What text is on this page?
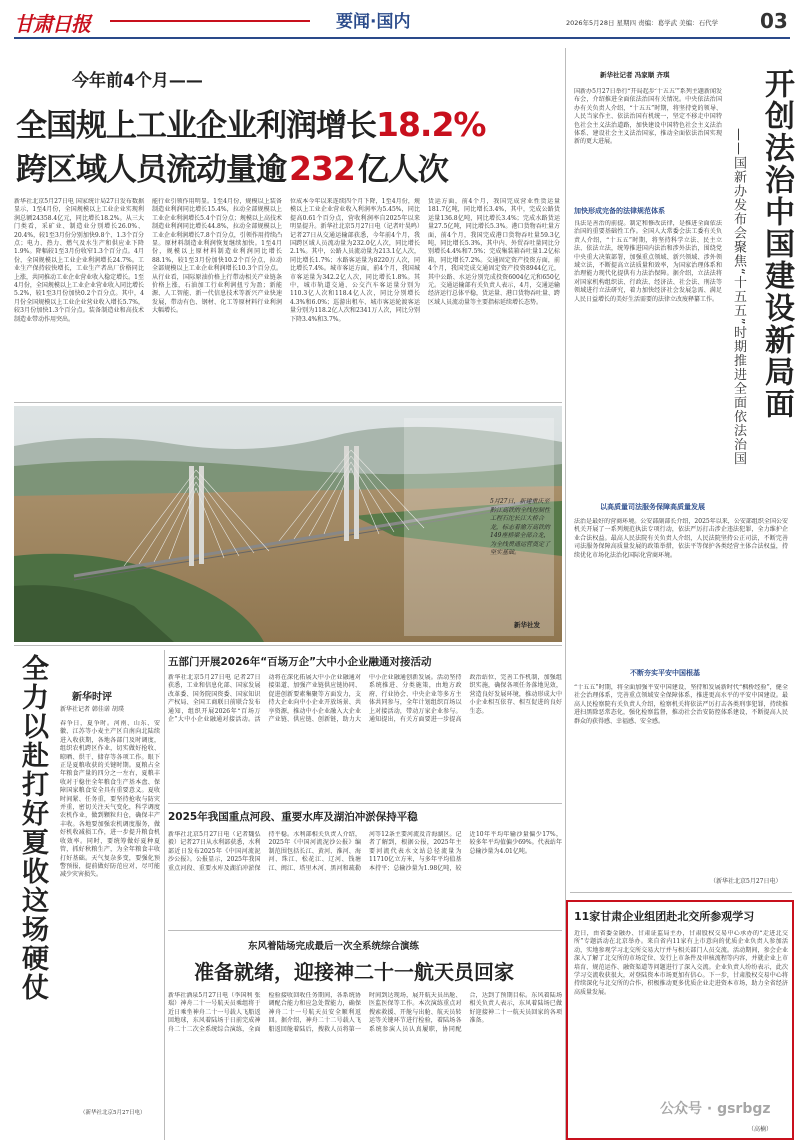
甘肃日报	要闻·国内	2026年5月28日 星期四 责编：葛学武 美编：石代学 03
今年前4个月——
全国规上工业企业利润增长18.2%
跨区域人员流动量逾232亿人次
新华社北京5月27日电 国家统计局27日发布数据显示，1至4月份，全国规模以上工业企业实现利润总额24358.4亿元，同比增长18.2%。从三大门类看，采矿业、制造业分别增长26.0%、20.4%，较1至3月份分别加快9.8个、1.3个百分点；电力、热力、燃气及水生产和供应业下降1.9%。降幅较1至3月份收窄1.3个百分点。4月份，全国规模以上工业企业利润增长24.7%。工业生产保持较快增长，工业生产者出厂价格同比上涨，共同推动工业企业营业收入稳定增长。1至4月份，全国规模以上工业企业营业收入同比增长5.2%，较1至3月份加快0.2个百分点。其中，4月份全国规模以上工业企业营业收入增长5.7%，较3月份加快1.3个百分点。装备制造业和高技术制造业带动作用突出。
能行业引领作用明显。1至4月份，规模以上装备制造业利润同比增长15.4%，拉动全部规模以上工业企业利润增长5.4个百分点；规模以上高技术制造业利润同比增长44.8%，拉动全部规模以上工业企业利润增长7.8个百分点，引领作用持续凸显。原材料制造业利润恢复继续加快。1至4月份，规模以上原材料制造业利润同比增长88.1%，较1至3月份加快10.2个百分点，拉动全部规模以上工业企业利润增长10.3个百分点。从行业看，国际原油价格上行带动相关产业链条价格上涨，石油加工行业利润扭亏为盈；新能源、人工智能、新一代信息技术等新兴产业快速发展，带动有色、钢材、化工等原材料行业利润大幅增长。
位成本今年以来连续四个月下降，1至4月份，规模以上工业企业营业收入利润率为5.45%，同比提高0.61个百分点，营收利润率自2025年以来明显提升。新华社北京5月27日电（记者叶昊鸣）记者27日从交通运输部获悉，今年前4个月，我国跨区域人员流动量为232.0亿人次，同比增长2.1%。其中，公路人员流动量为213.1亿人次，同比增长1.7%；水路客运量为8220万人次，同比增长7.4%。城市客运方面，前4个月，我国城市客运量为342.2亿人次，同比增长1.8%。其中，城市轨道交通、公交汽车客运量分别为110.3亿人次和118.4亿人次，同比分别增长4.3%和6.0%；巡游出租车、城市客运轮渡客运量分别为118.2亿人次和2341万人次，同比分别下降3.4%和3.7%。
货运方面，前4个月，我国完成营业性货运量181.7亿吨，同比增长3.4%，其中，完成公路货运量136.8亿吨，同比增长3.4%；完成水路货运量27.5亿吨，同比增长5.3%。港口货物吞吐量方面，前4个月，我国完成港口货物吞吐量59.3亿吨，同比增长5.3%，其中内、外贸吞吐量同比分别增长4.4%和7.5%；完成集装箱吞吐量1.2亿标箱，同比增长7.2%。交通固定资产投资方面，前4个月，我国完成交通固定资产投资8944亿元，其中公路、水运分别完成投资6004亿元和650亿元。交通运输部有关负责人表示，4月，交通运输经济运行总体平稳，货运量、港口货物吞吐量、跨区域人员流动量等主要指标延续增长态势。
5月27日，新建重庆至黔江高铁的全线控制性工程石沱长江大桥合龙，标志着渝万高铁的149座桥梁全部合龙，为全线贯通运营奠定了坚实基础。
新华社发
开创法治中国建设新局面
——国新办发布会聚焦“十五五”时期推进全面依法治国
新华社记者 冯家顺 齐琪
国新办5月27日举行“开局起步‘十五五’”系列主题新闻发布会，介绍推进全面依法治国有关情况。中央依法治国办有关负责人介绍，“十五五”时期，将坚持党的领导、人民当家作主、依法治国有机统一，坚定不移走中国特色社会主义法治道路，加快建设中国特色社会主义法治体系、建设社会主义法治国家，推动全面依法治国实现新的更大进展。
加快形成完备的法律规范体系
良法是善治的前提。制定和修改法律，是推进全面依法治国的重要基础性工作。全国人大常委会法工委有关负责人介绍，“十五五”时期，将坚持科学立法、民主立法、依法立法，统筹推进国内法治和涉外法治，围绕党中央重大决策部署，加强重点领域、新兴领域、涉外领域立法，不断提高立法质量和效率，为国家治理体系和治理能力现代化提供有力法治保障。据介绍，立法法将对国家机构组织法、行政法、经济法、社会法、刑法等领域进行立法研究，着力加快经济社会发展急需、满足人民日益增长的美好生活需要的法律立改废释纂工作。
以高质量司法服务保障高质量发展
法治是最好的营商环境。公安部副部长介绍，2025年以来，公安部组织全国公安机关开展了一系列规范执法专项行动，依法严厉打击涉企违法犯罪，全力维护企业合法权益。最高人民法院有关负责人介绍，人民法院坚持公正司法，不断完善司法服务保障高质量发展的政策举措，依法平等保护各类经营主体合法权益，持续优化市场化法治化国际化营商环境。
不断夯实平安中国根基
“十五五”时期，将全面加强平安中国建设，坚持和发展新时代“枫桥经验”，健全社会治理体系，完善重点领域安全保障体系，推进更高水平的平安中国建设。最高人民检察院有关负责人介绍，检察机关将依法严厉打击各类刑事犯罪，持续推进扫黑除恶常态化，强化检察监督，推动社会治安防控体系建设，不断提高人民群众的获得感、幸福感、安全感。
（新华社北京5月27日电）
11家甘肃企业组团赴北交所参观学习
近日，由省委金融办、甘肃证监局主办，甘肃股权交易中心承办的“走进北交所”专题活动在北京举办。来自省内11家有上市意向的优质企业负责人参加活动，实地参观学习北交所交易大厅并与相关部门人员交流。活动期间，参会企业深入了解了北交所的市场定位、发行上市条件及审核流程等内容，并就企业上市培育、规范运作、融资渠道等问题进行了深入交流。企业负责人纷纷表示，此次学习交流收获很大，对登陆资本市场更加有信心。下一步，甘肃股权交易中心将持续深化与北交所的合作，积极推动更多优质企业走进资本市场，助力全省经济高质量发展。
（高楠）
公众号 · gsrbgz
全力以赴打好夏收这场硬仗 新华时评
新华社记者 韩佳诺 胡璞
春争日，夏争时。河南、山东、安徽、江苏等小麦主产区自南向北陆续进入收获期，各地各部门及时调度，组织农机跨区作业，切实做好抢收、晾晒、烘干、储存等各项工作。眼下正是夏粮收获的关键时期。夏粮占全年粮食产量的四分之一左右，夏粮丰收对于稳住全年粮食生产基本盘、保障国家粮食安全具有重要意义。夏收时间紧、任务重，要坚持抢收与防灾并重，密切关注天气变化，科学调度农机作业，做到颗粒归仓，确保丰产丰收。各地要加强农机调度服务，做好机收减损工作，进一步提升粮食机收效率。同时，要统筹做好夏种夏管，抓好秋粮生产，为全年粮食丰收打好基础。天气复杂多变，要强化预警预报，提前做好防范应对，尽可能减少灾害损失。
（新华社北京5月27日电）
五部门开展2026年“百场万企”大中小企业融通对接活动
新华社北京5月27日电 记者27日获悉，工业和信息化部、国家发展改革委、国务院国资委、国家知识产权局、全国工商联日前联合发布通知，组织开展2026年“百场万企”大中小企业融通对接活动。活动将在深化拓展大中小企业融通对接渠道、加强产业链供应链协同、促进创新要素集聚等方面发力，支持大企业向中小企业开放场景、共享资源，推动中小企业融入大企业产业链、供应链、创新链，助力大中小企业融通创新发展。活动坚持系统推进、分类施策，由地方政府、行业协会、中央企业等多方主体共同参与，全年计划组织百场以上对接活动，带动万家企业参与。通知提出，有关方面要进一步提高政治站位，完善工作机制，加强组织实施，确保各项任务落地见效，营造良好发展环境，推动形成大中小企业相互依存、相互促进的良好生态。
2025年我国重点河段、重要水库及湖泊冲淤保持平稳
新华社北京5月27日电（记者魏弘毅）记者27日从水利部获悉，水利部近日发布2025年《中国河流泥沙公报》。公报显示，2025年我国重点河段、重要水库及湖泊冲淤保持平稳。水利部相关负责人介绍，2025年《中国河流泥沙公报》编制范围包括长江、黄河、淮河、海河、珠江、松花江、辽河、钱塘江、闽江、塔里木河、黑河和疏勒河等12条主要河流及青海湖区。记者了解到，根据公报，2025年主要河流代表水文站总径流量为11710亿立方米，与多年平均值基本持平；总输沙量为1.98亿吨，较近10年平均年输沙量偏少17%，较多年平均值偏少69%。代表站年总输沙量为4.01亿吨。
东风着陆场完成最后一次全系统综合演练
准备就绪，迎接神二十一航天员回家
新华社酒泉5月27日电（李国利 张瑞）神舟二十一号航天员乘组将于近日乘坐神舟二十一号载人飞船返回地球，东风着陆场于日前完成神舟二十二次全系统综合演练，全面检验接收回收任务期间，各系统协调配合能力和应急处置能力，确保神舟二十一号航天员安全顺利返回。据介绍，神舟二十二号载人飞船返回舱着陆后，搜救人员将第一时间到达现场，展开航天员出舱、医监医保等工作。本次演练重点对搜索救援、开舱与出舱、航天员转运等关键环节进行检验，着陆场各系统参演人员认真履职，协同配合，达到了预期目标。东风着陆场相关负责人表示，东风着陆场已做好迎接神二十一航天员回家的各项准备。
